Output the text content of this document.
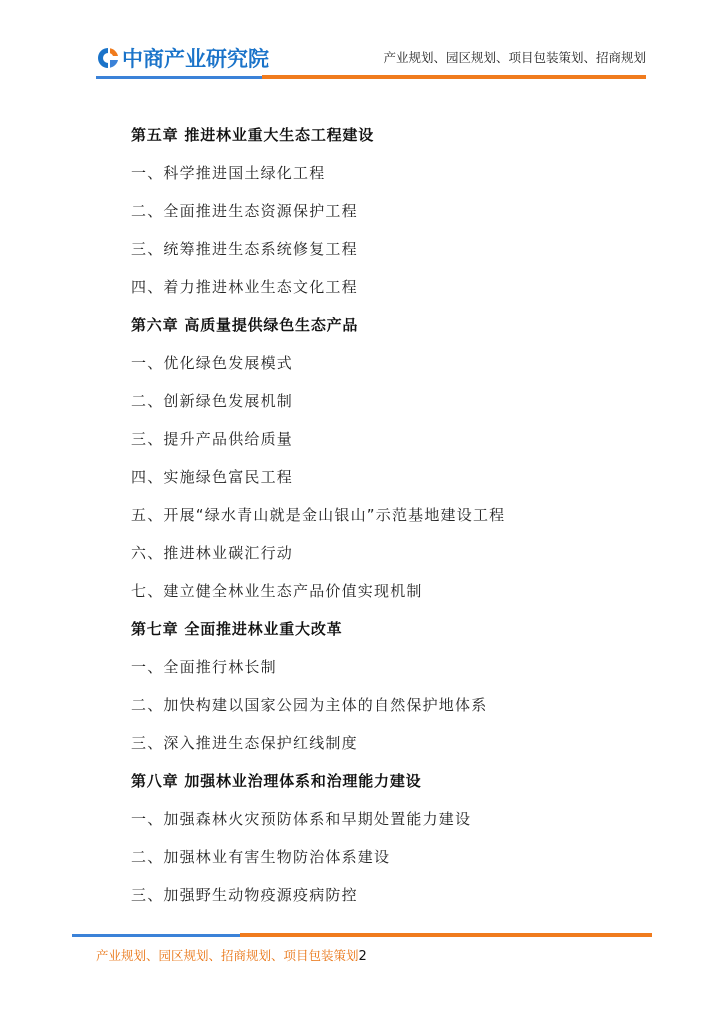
中商产业研究院	产业规划、园区规划、项目包装策划、招商规划
第五章 推进林业重大生态工程建设
一、科学推进国土绿化工程
二、全面推进生态资源保护工程
三、统筹推进生态系统修复工程
四、着力推进林业生态文化工程
第六章 高质量提供绿色生态产品
一、优化绿色发展模式
二、创新绿色发展机制
三、提升产品供给质量
四、实施绿色富民工程
五、开展“绿水青山就是金山银山”示范基地建设工程
六、推进林业碳汇行动
七、建立健全林业生态产品价值实现机制
第七章 全面推进林业重大改革
一、全面推行林长制
二、加快构建以国家公园为主体的自然保护地体系
三、深入推进生态保护红线制度
第八章 加强林业治理体系和治理能力建设
一、加强森林火灾预防体系和早期处置能力建设
二、加强林业有害生物防治体系建设
三、加强野生动物疫源疫病防控
产业规划、园区规划、招商规划、项目包装策划2
